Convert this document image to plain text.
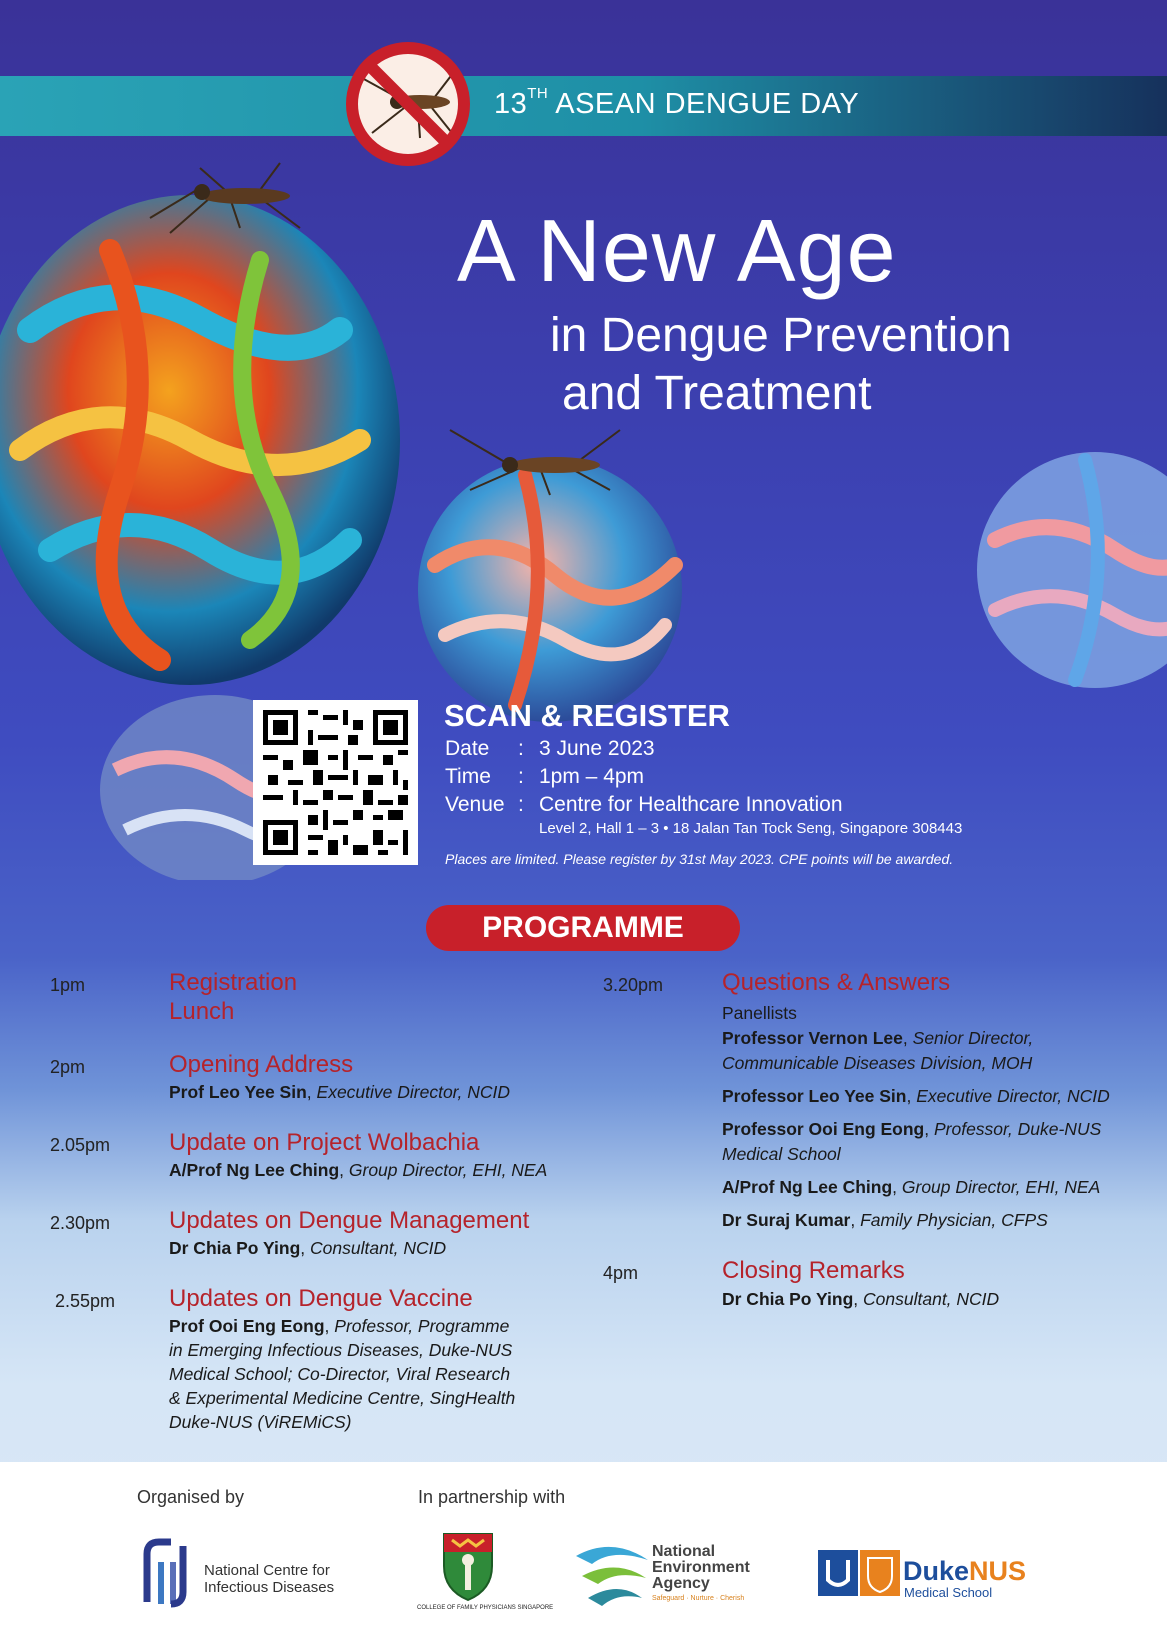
13TH ASEAN DENGUE DAY
A New Age
in Dengue Prevention
and Treatment
SCAN & REGISTER
Date : 3 June 2023
Time : 1pm – 4pm
Venue : Centre for Healthcare Innovation
Level 2, Hall 1 – 3 • 18 Jalan Tan Tock Seng, Singapore 308443
Places are limited. Please register by 31st May 2023. CPE points will be awarded.
PROGRAMME
1pm	Registration
Lunch
2pm	Opening Address
Prof Leo Yee Sin, Executive Director, NCID
2.05pm Update on Project Wolbachia
A/Prof Ng Lee Ching, Group Director, EHI, NEA
2.30pm Updates on Dengue Management
Dr Chia Po Ying, Consultant, NCID
2.55pm Updates on Dengue Vaccine
Prof Ooi Eng Eong, Professor, Programme
in Emerging Infectious Diseases, Duke-NUS
Medical School; Co-Director, Viral Research
& Experimental Medicine Centre, SingHealth
Duke-NUS (ViREMiCS)
3.20pm Questions & Answers
Panellists
Professor Vernon Lee, Senior Director,
Communicable Diseases Division, MOH
Professor Leo Yee Sin, Executive Director, NCID
Professor Ooi Eng Eong, Professor, Duke-NUS
Medical School
A/Prof Ng Lee Ching, Group Director, EHI, NEA
Dr Suraj Kumar, Family Physician, CFPS
4pm	Closing Remarks
Dr Chia Po Ying, Consultant, NCID
Organised by	In partnership with
National Centre for
Infectious Diseases
COLLEGE OF FAMILY PHYSICIANS SINGAPORE
National
Environment
Agency
Safeguard · Nurture · Cherish
DukeNUS
Medical School
